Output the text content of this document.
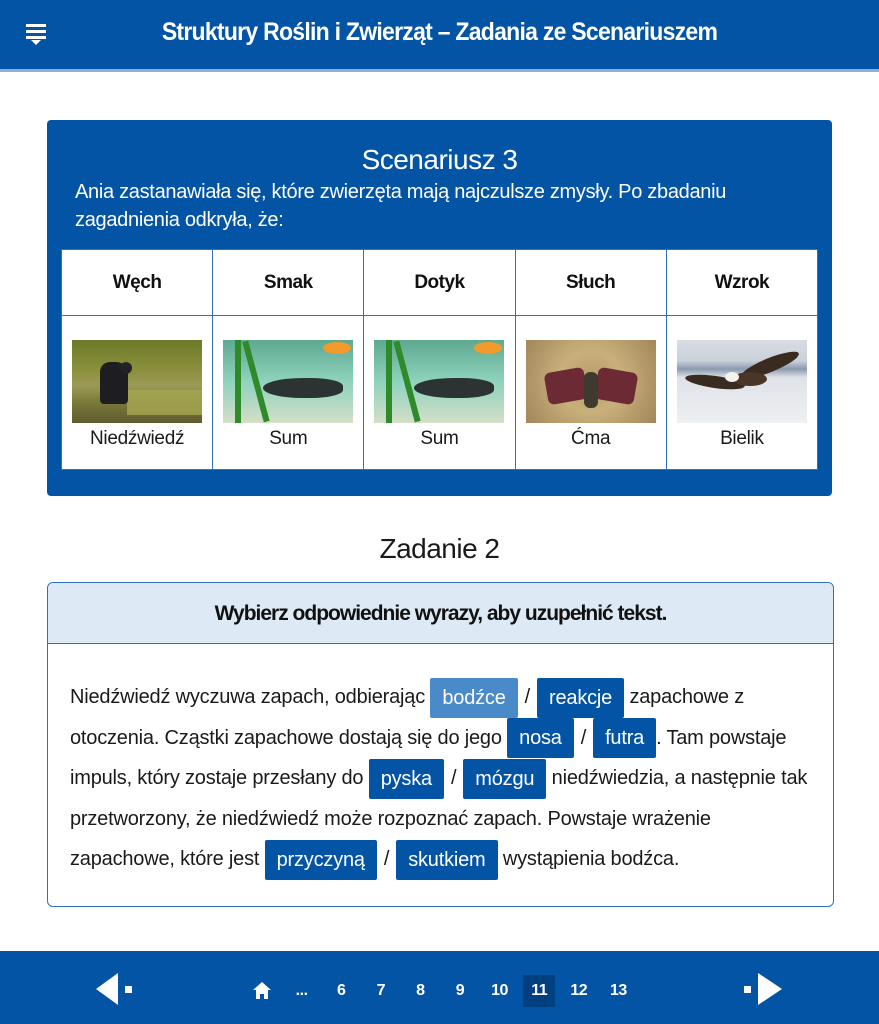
Struktury Roślin i Zwierząt – Zadania ze Scenariuszem
Scenariusz 3
Ania zastanawiała się, które zwierzęta mają najczulsze zmysły. Po zbadaniu zagadnienia odkryła, że:
Węch	Smak	Dotyk	Słuch	Wzrok

Niedźwiedź	Sum	Sum	Ćma	Bielik
Zadanie 2
Wybierz odpowiednie wyrazy, aby uzupełnić tekst.
Niedźwiedź wyczuwa zapach, odbierając bodźce / reakcje zapachowe z otoczenia. Cząstki zapachowe dostają się do jego nosa / futra . Tam powstaje impuls, który zostaje przesłany do pyska / mózgu niedźwiedzia, a następnie tak przetworzony, że niedźwiedź może rozpoznać zapach. Powstaje wrażenie zapachowe, które jest przyczyną / skutkiem wystąpienia bodźca.
...	6	7	8	9	10	11	12	13
